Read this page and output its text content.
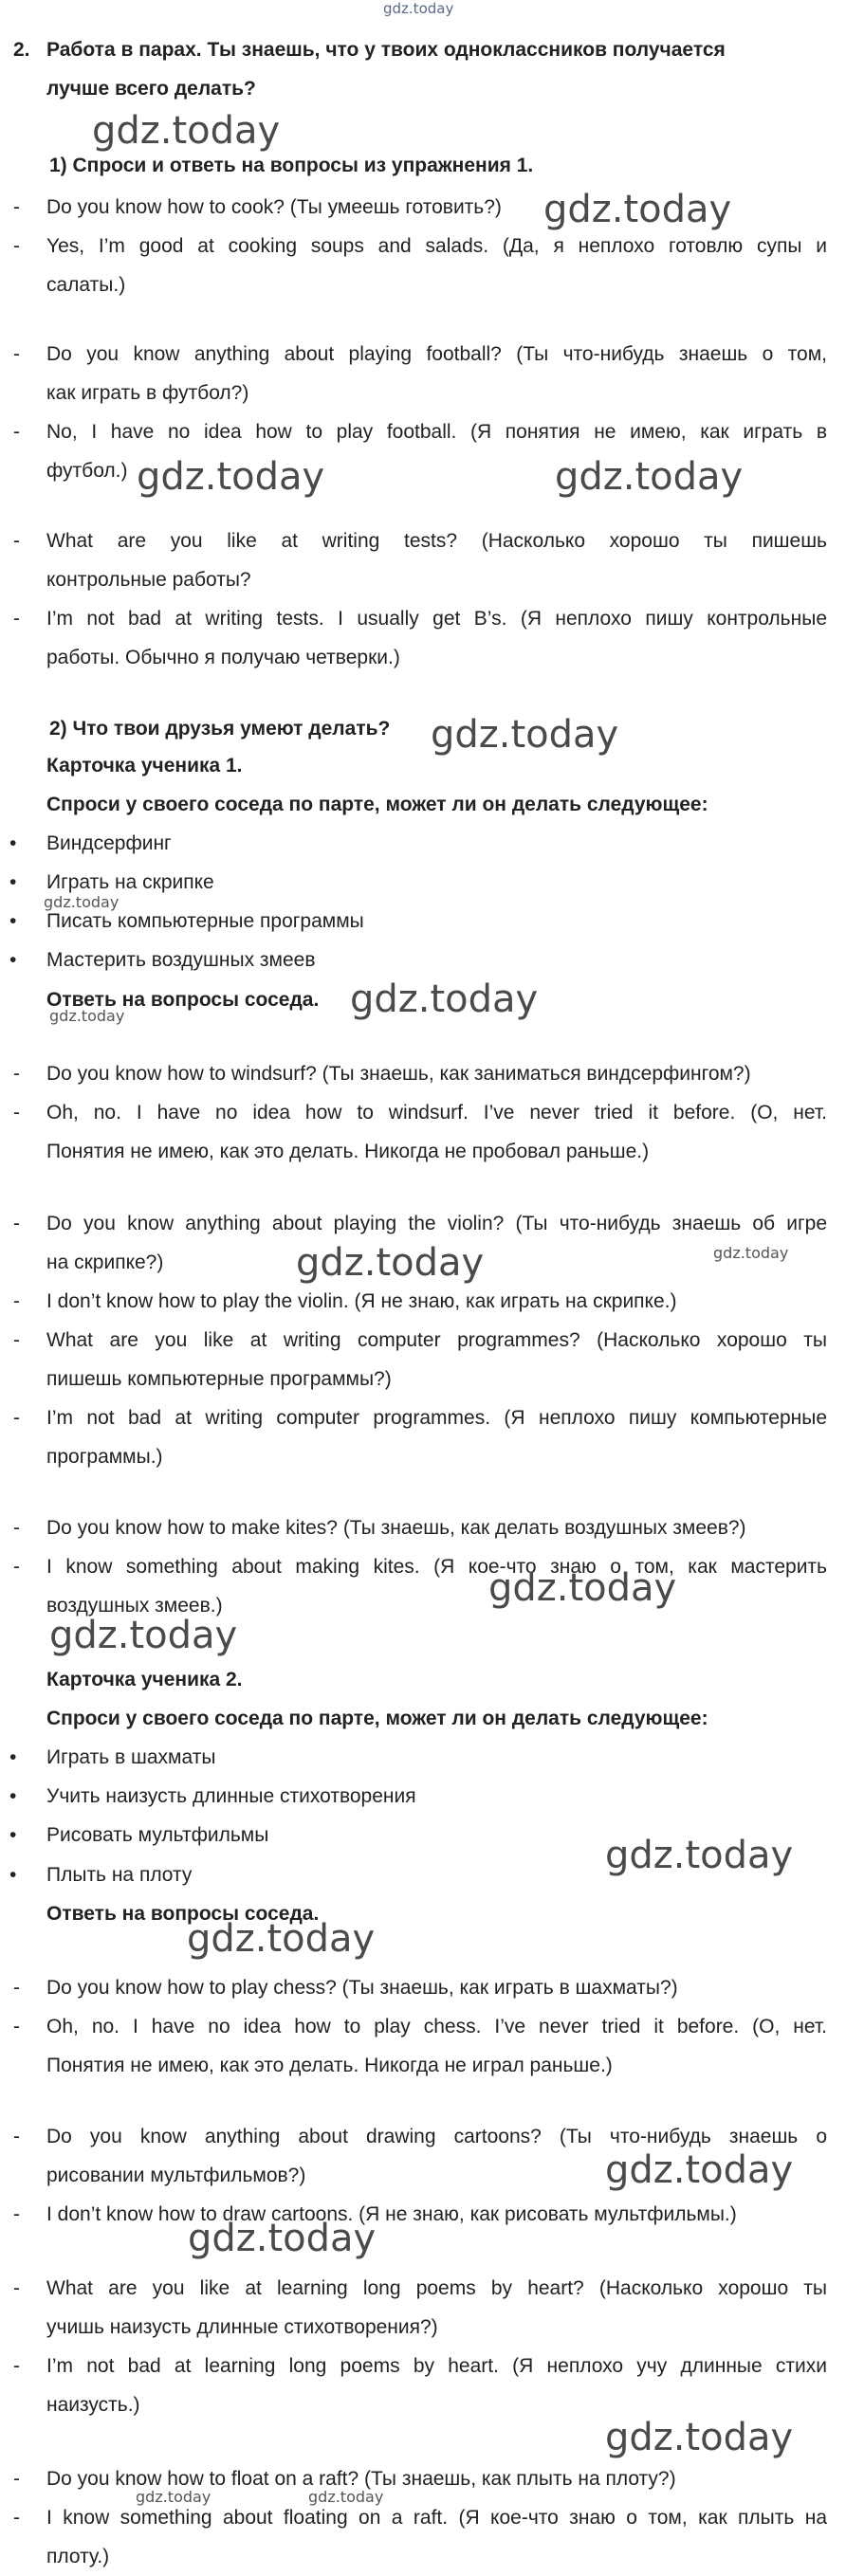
gdz.today
2. Работа в парах. Ты знаешь, что у твоих одноклассников получается
лучше всего делать?
1) Спроси и ответь на вопросы из упражнения 1.
-	Do you know how to cook? (Ты умеешь готовить?)
-	Yes, I’m good at cooking soups and salads. (Да, я неплохо готовлю супы и
салаты.)
-	Do you know anything about playing football? (Ты что-нибудь знаешь о том,
как играть в футбол?)
-	No, I have no idea how to play football. (Я понятия не имею, как играть в
футбол.)
-	What are you like at writing tests? (Насколько хорошо ты пишешь
контрольные работы?
-	I’m not bad at writing tests. I usually get B’s. (Я неплохо пишу контрольные
работы. Обычно я получаю четверки.)
2) Что твои друзья умеют делать?
Карточка ученика 1.
Спроси у своего соседа по парте, может ли он делать следующее:
•	Виндсерфинг
•	Играть на скрипке
•	Писать компьютерные программы
•	Мастерить воздушных змеев
Ответь на вопросы соседа.
-	Do you know how to windsurf? (Ты знаешь, как заниматься виндсерфингом?)
-	Oh, no. I have no idea how to windsurf. I’ve never tried it before. (О, нет.
Понятия не имею, как это делать. Никогда не пробовал раньше.)
-	Do you know anything about playing the violin? (Ты что-нибудь знаешь об игре
на скрипке?)
-	I don’t know how to play the violin. (Я не знаю, как играть на скрипке.)
-	What are you like at writing computer programmes? (Насколько хорошо ты
пишешь компьютерные программы?)
-	I’m not bad at writing computer programmes. (Я неплохо пишу компьютерные
программы.)
-	Do you know how to make kites? (Ты знаешь, как делать воздушных змеев?)
-	I know something about making kites. (Я кое-что знаю о том, как мастерить
воздушных змеев.)
Карточка ученика 2.
Спроси у своего соседа по парте, может ли он делать следующее:
•	Играть в шахматы
•	Учить наизусть длинные стихотворения
•	Рисовать мультфильмы
•	Плыть на плоту
Ответь на вопросы соседа.
-	Do you know how to play chess? (Ты знаешь, как играть в шахматы?)
-	Oh, no. I have no idea how to play chess. I’ve never tried it before. (О, нет.
Понятия не имею, как это делать. Никогда не играл раньше.)
-	Do you know anything about drawing cartoons? (Ты что-нибудь знаешь о
рисовании мультфильмов?)
-	I don’t know how to draw cartoons. (Я не знаю, как рисовать мультфильмы.)
-	What are you like at learning long poems by heart? (Насколько хорошо ты
учишь наизусть длинные стихотворения?)
-	I’m not bad at learning long poems by heart. (Я неплохо учу длинные стихи
наизусть.)
-	Do you know how to float on a raft? (Ты знаешь, как плыть на плоту?)
-	I know something about floating on a raft. (Я кое-что знаю о том, как плыть на
плоту.)
gdz.today
gdz.today
gdz.today	gdz.today
gdz.today
gdz.today
gdz.today
gdz.today
gdz.today
gdz.today
gdz.today
gdz.today
gdz.today
gdz.today
gdz.today
gdz.today
gdz.today
gdz.today	gdz.today
